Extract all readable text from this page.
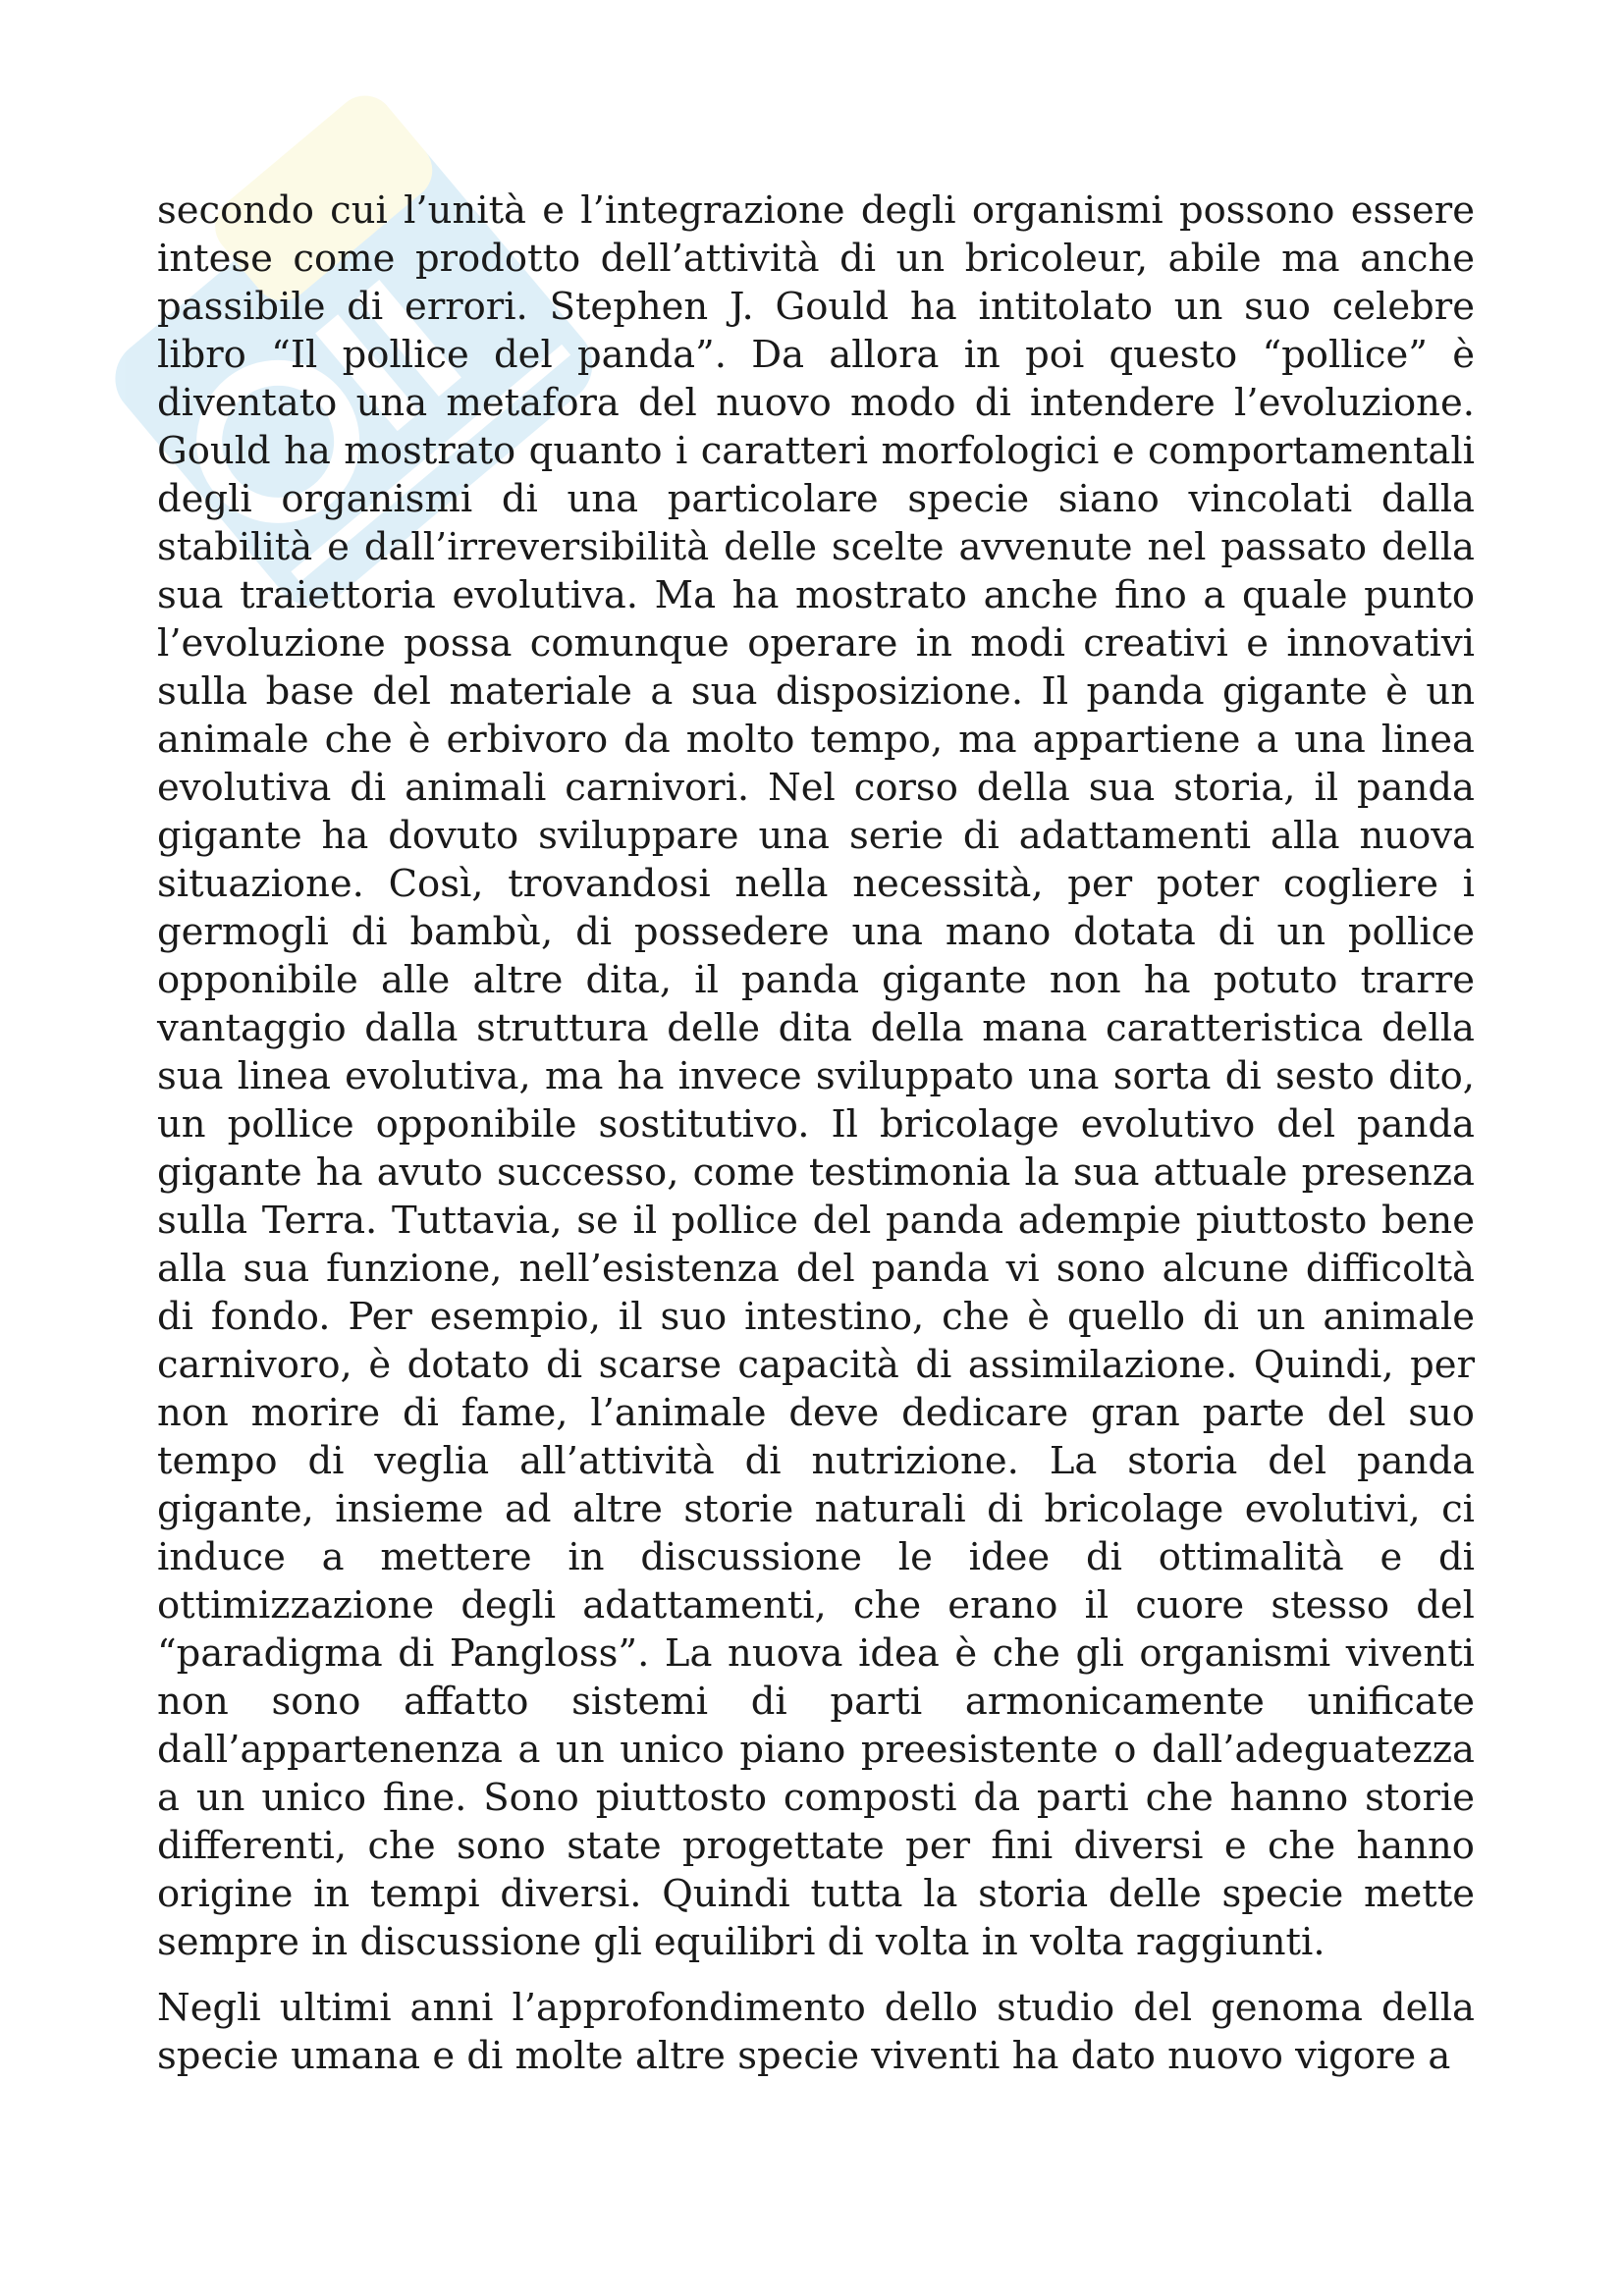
secondo cui l’unità e l’integrazione degli organismi possono essere intese come prodotto dell’attività di un bricoleur, abile ma anche passibile di errori. Stephen J. Gould ha intitolato un suo celebre libro “Il pollice del panda”. Da allora in poi questo “pollice” è diventato una metafora del nuovo modo di intendere l’evoluzione. Gould ha mostrato quanto i caratteri morfologici e comportamentali degli organismi di una particolare specie siano vincolati dalla stabilità e dall’irreversibilità delle scelte avvenute nel passato della sua traiettoria evolutiva. Ma ha mostrato anche fino a quale punto l’evoluzione possa comunque operare in modi creativi e innovativi sulla base del materiale a sua disposizione. Il panda gigante è un animale che è erbivoro da molto tempo, ma appartiene a una linea evolutiva di animali carnivori. Nel corso della sua storia, il panda gigante ha dovuto sviluppare una serie di adattamenti alla nuova situazione. Così, trovandosi nella necessità, per poter cogliere i germogli di bambù, di possedere una mano dotata di un pollice opponibile alle altre dita, il panda gigante non ha potuto trarre vantaggio dalla struttura delle dita della mana caratteristica della sua linea evolutiva, ma ha invece sviluppato una sorta di sesto dito, un pollice opponibile sostitutivo. Il bricolage evolutivo del panda gigante ha avuto successo, come testimonia la sua attuale presenza sulla Terra. Tuttavia, se il pollice del panda adempie piuttosto bene alla sua funzione, nell’esistenza del panda vi sono alcune difficoltà di fondo. Per esempio, il suo intestino, che è quello di un animale carnivoro, è dotato di scarse capacità di assimilazione. Quindi, per non morire di fame, l’animale deve dedicare gran parte del suo tempo di veglia all’attività di nutrizione. La storia del panda gigante, insieme ad altre storie naturali di bricolage evolutivi, ci induce a mettere in discussione le idee di ottimalità e di ottimizzazione degli adattamenti, che erano il cuore stesso del “paradigma di Pangloss”. La nuova idea è che gli organismi viventi non sono affatto sistemi di parti armonicamente unificate dall’appartenenza a un unico piano preesistente o dall’adeguatezza a un unico fine. Sono piuttosto composti da parti che hanno storie differenti, che sono state progettate per fini diversi e che hanno origine in tempi diversi. Quindi tutta la storia delle specie mette sempre in discussione gli equilibri di volta in volta raggiunti.

Negli ultimi anni l’approfondimento dello studio del genoma della specie umana e di molte altre specie viventi ha dato nuovo vigore a
